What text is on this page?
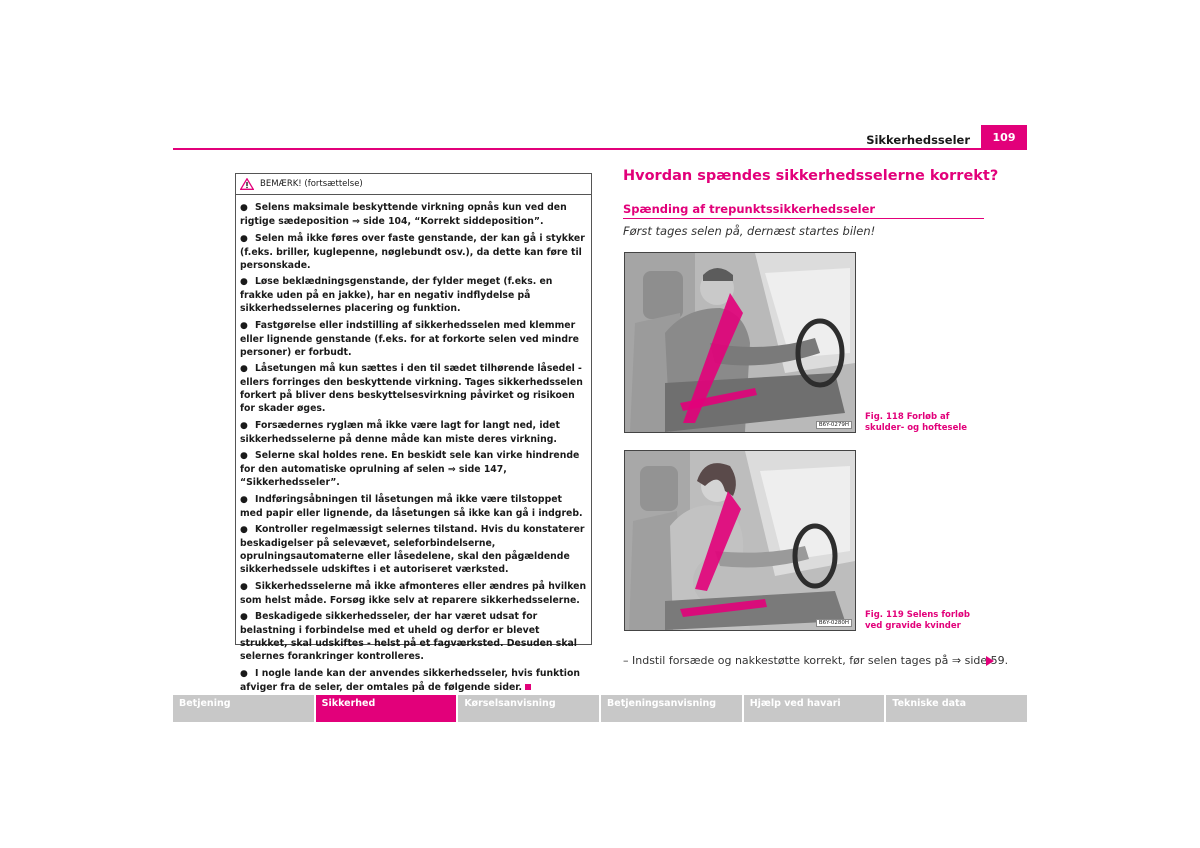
Sikkerhedsseler	109
BEMÆRK! (fortsættelse)
● Selens maksimale beskyttende virkning opnås kun ved den rigtige sædeposition ⇒ side 104, “Korrekt siddeposition”.
● Selen må ikke føres over faste genstande, der kan gå i stykker (f.eks. briller, kuglepenne, nøglebundt osv.), da dette kan føre til personskade.
● Løse beklædningsgenstande, der fylder meget (f.eks. en frakke uden på en jakke), har en negativ indflydelse på sikkerhedsselernes placering og funktion.
● Fastgørelse eller indstilling af sikkerhedsselen med klemmer eller lignende genstande (f.eks. for at forkorte selen ved mindre personer) er forbudt.
● Låsetungen må kun sættes i den til sædet tilhørende låsedel - ellers forringes den beskyttende virkning. Tages sikkerhedsselen forkert på bliver dens beskyttelsesvirkning påvirket og risikoen for skader øges.
● Forsædernes ryglæn må ikke være lagt for langt ned, idet sikkerhedsselerne på denne måde kan miste deres virkning.
● Selerne skal holdes rene. En beskidt sele kan virke hindrende for den automatiske oprulning af selen ⇒ side 147, “Sikkerhedsseler”.
● Indføringsåbningen til låsetungen må ikke være tilstoppet med papir eller lignende, da låsetungen så ikke kan gå i indgreb.
● Kontroller regelmæssigt selernes tilstand. Hvis du konstaterer beskadigelser på selevævet, seleforbindelserne, oprulningsautomaterne eller låsedelene, skal den pågældende sikkerhedssele udskiftes i et autoriseret værksted.
● Sikkerhedsselerne må ikke afmonteres eller ændres på hvilken som helst måde. Forsøg ikke selv at reparere sikkerhedsselerne.
● Beskadigede sikkerhedsseler, der har været udsat for belastning i forbindelse med et uheld og derfor er blevet strukket, skal udskiftes - helst på et fagværksted. Desuden skal selernes forankringer kontrolleres.
● I nogle lande kan der anvendes sikkerhedsseler, hvis funktion afviger fra de seler, der omtales på de følgende sider.
Hvordan spændes sikkerhedsselerne korrekt?
Spænding af trepunktssikkerhedsseler
Først tages selen på, dernæst startes bilen!
B6Y-0279H
Fig. 118 Forløb af skulder- og hoftesele
B6Y-0280H
Fig. 119 Selens forløb ved gravide kvinder
– Indstil forsæde og nakkestøtte korrekt, før selen tages på ⇒ side 59.
Betjening	Sikkerhed	Kørselsanvisning	Betjeningsanvisning	Hjælp ved havari	Tekniske data
